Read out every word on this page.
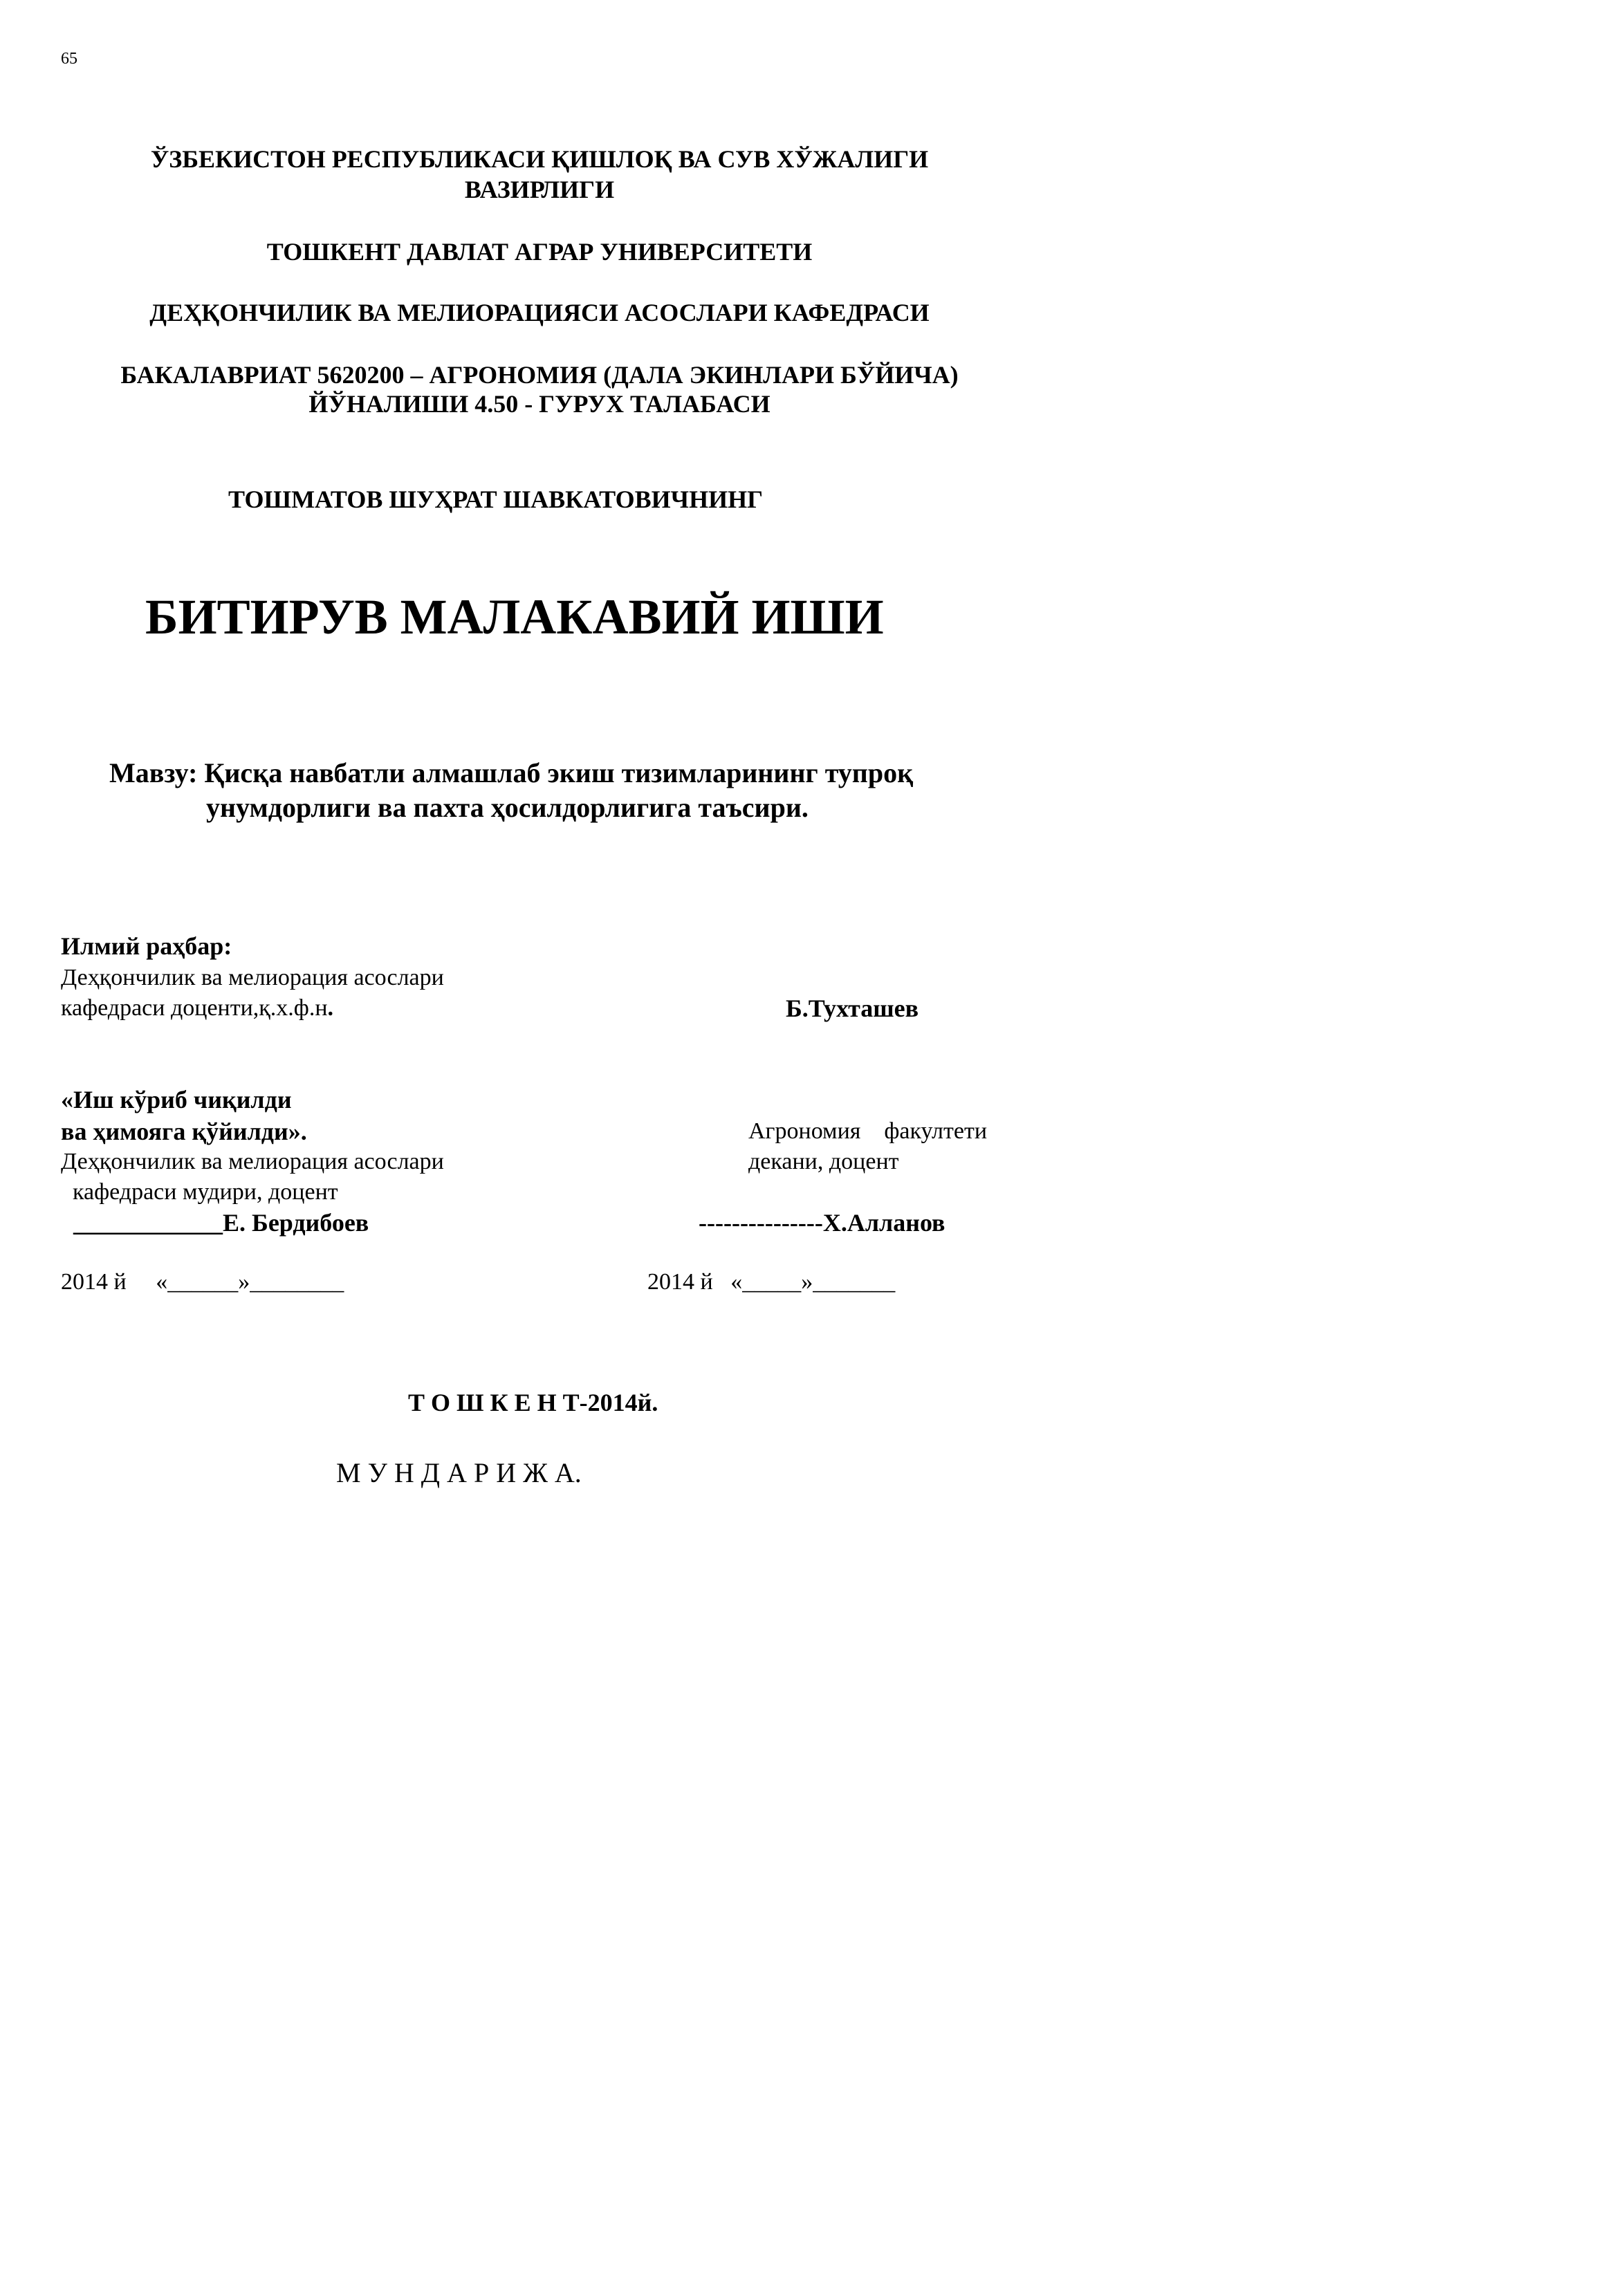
65
ЎЗБЕКИСТОН РЕСПУБЛИКАСИ ҚИШЛОҚ ВА СУВ ХЎЖАЛИГИ
ВАЗИРЛИГИ
ТОШКЕНТ ДАВЛАТ АГРАР УНИВЕРСИТЕТИ
ДЕҲҚОНЧИЛИК ВА МЕЛИОРАЦИЯСИ АСОСЛАРИ КАФЕДРАСИ
БАКАЛАВРИАТ 5620200 – АГРОНОМИЯ (ДАЛА ЭКИНЛАРИ БЎЙИЧА)
ЙЎНАЛИШИ 4.50 - ГУРУХ ТАЛАБАСИ
ТОШМАТОВ ШУҲРАТ ШАВКАТОВИЧНИНГ
БИТИРУВ МАЛАКАВИЙ ИШИ
Мавзу: Қисқа навбатли алмашлаб экиш тизимларининг тупроқ
унумдорлиги ва пахта ҳосилдорлигига таъсири.
Илмий раҳбар:
Деҳқончилик ва мелиорация асослари
кафедраси доценти,қ.х.ф.н.	Б.Тухташев
«Иш кўриб чиқилди
ва ҳимояга қўйилди».
Деҳқончилик ва мелиорация асослари
кафедраси мудири, доцент
____________Е. Бердибоев
2014 й     «______»________
Агрономия    факултети
декани, доцент
---------------Х.Алланов
2014 й   «_____»_______
Т О Ш К Е Н Т-2014й.
М У Н Д А Р И Ж А.
